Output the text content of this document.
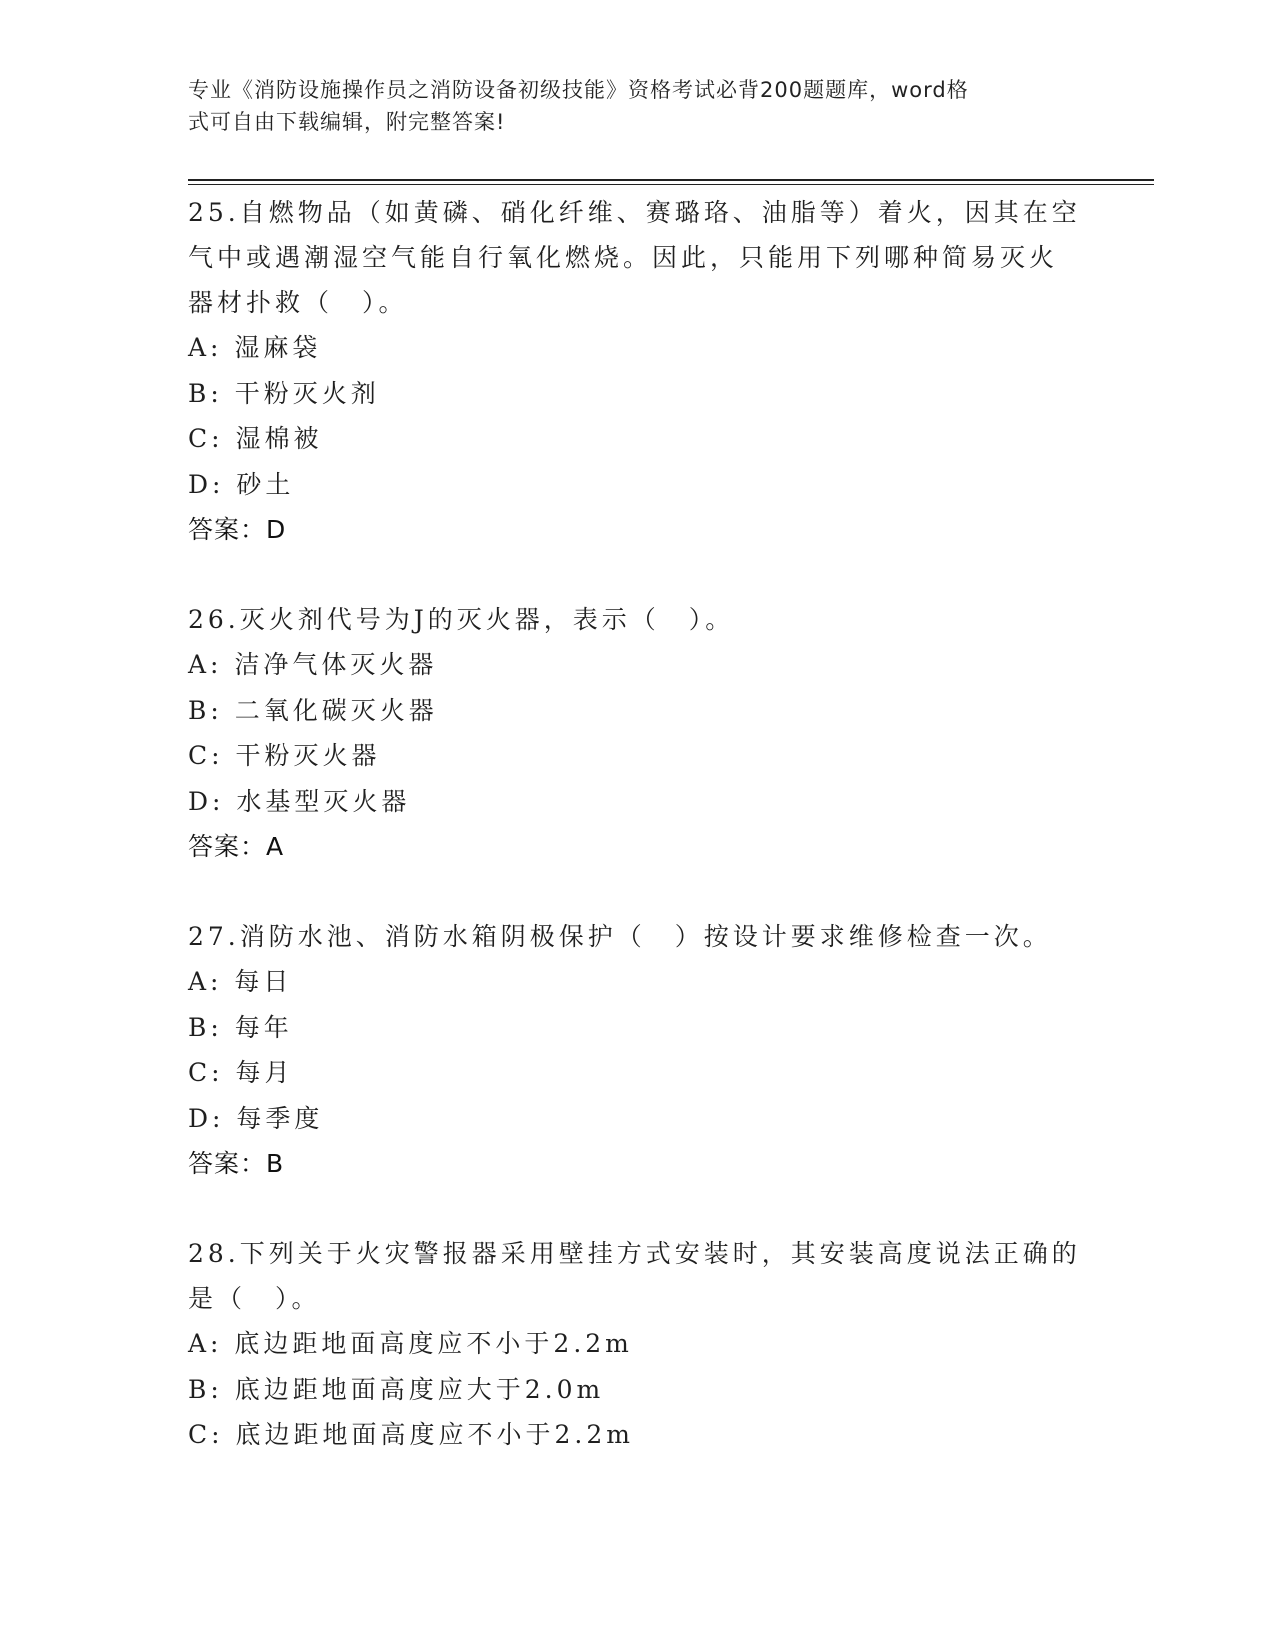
专业《消防设施操作员之消防设备初级技能》资格考试必背200题题库，word格
式可自由下载编辑，附完整答案!
25.自燃物品（如黄磷、硝化纤维、赛璐珞、油脂等）着火，因其在空
气中或遇潮湿空气能自行氧化燃烧。因此，只能用下列哪种简易灭火
器材扑救（　）。
A: 湿麻袋
B: 干粉灭火剂
C: 湿棉被
D: 砂土
答案：D
26.灭火剂代号为J的灭火器，表示（　）。
A: 洁净气体灭火器
B: 二氧化碳灭火器
C: 干粉灭火器
D: 水基型灭火器
答案：A
27.消防水池、消防水箱阴极保护（　）按设计要求维修检查一次。
A: 每日
B: 每年
C: 每月
D: 每季度
答案：B
28.下列关于火灾警报器采用壁挂方式安装时，其安装高度说法正确的
是（　）。
A: 底边距地面高度应不小于2.2m
B: 底边距地面高度应大于2.0m
C: 底边距地面高度应不小于2.2m
